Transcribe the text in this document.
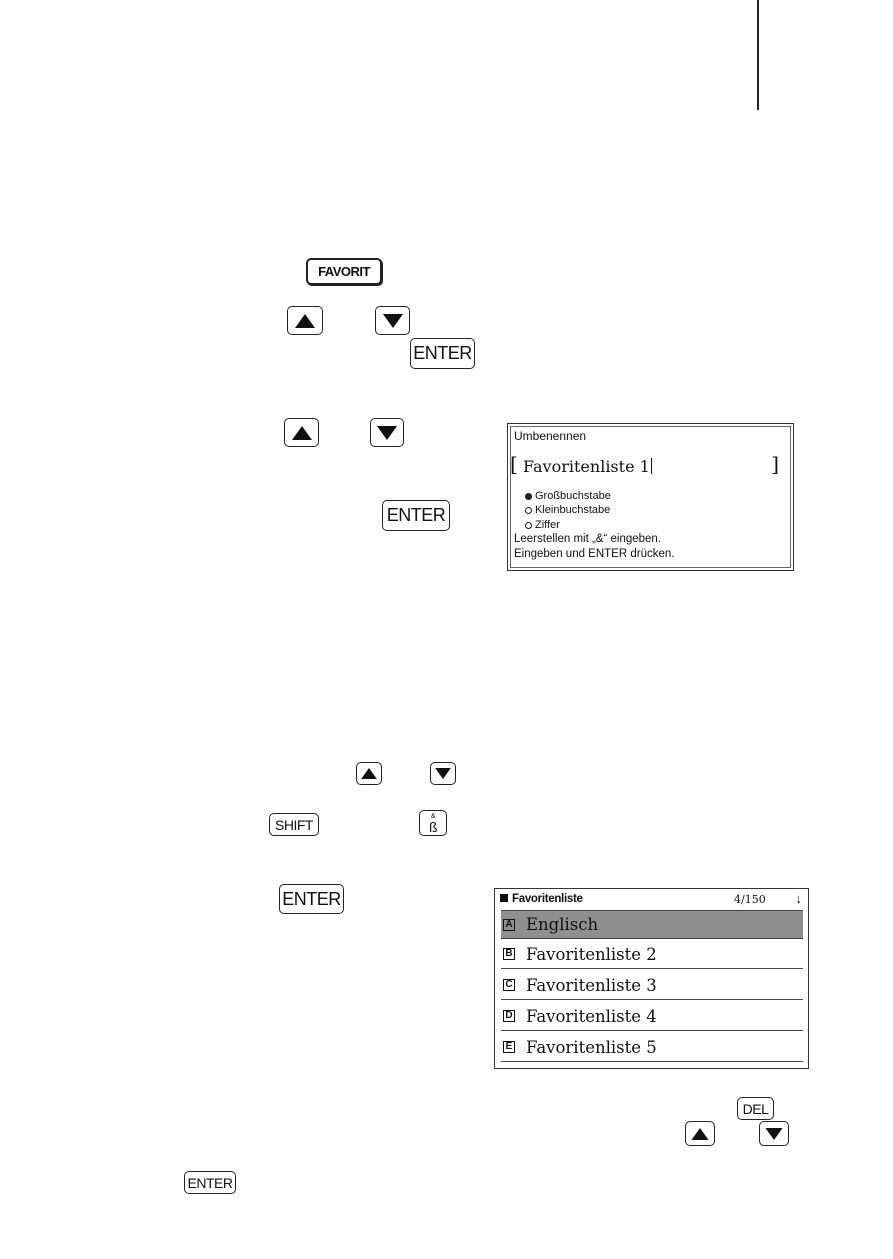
FAVORIT
ENTER
ENTER
Umbenennen
[ Favoritenliste 1	]
Großbuchstabe
Kleinbuchstabe
Ziffer
Leerstellen mit „&“ eingeben.
Eingeben und ENTER drücken.
SHIFT
&
ß
ENTER	Favoritenliste	4/150 ↓
A Englisch
B Favoritenliste 2
C Favoritenliste 3
D Favoritenliste 4
E Favoritenliste 5
DEL
ENTER
